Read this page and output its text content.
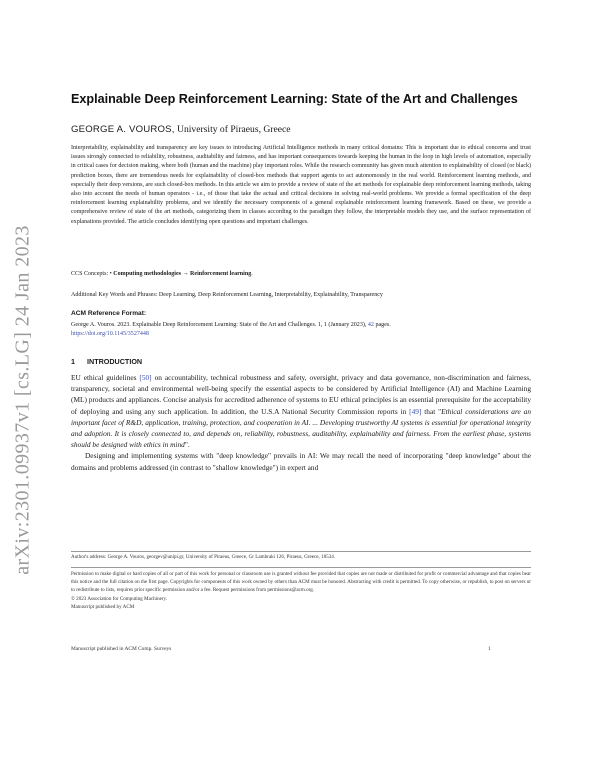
arXiv:2301.09937v1 [cs.LG] 24 Jan 2023
Explainable Deep Reinforcement Learning: State of the Art and Challenges
GEORGE A. VOUROS, University of Piraeus, Greece
Interpretability, explainability and transparency are key issues to introducing Artificial Intelligence methods in many critical domains: This is important due to ethical concerns and trust issues strongly connected to reliability, robustness, auditability and fairness, and has important consequences towards keeping the human in the loop in high levels of automation, especially in critical cases for decision making, where both (human and the machine) play important roles. While the research community has given much attention to explainability of closed (or black) prediction boxes, there are tremendous needs for explainability of closed-box methods that support agents to act autonomously in the real world. Reinforcement learning methods, and especially their deep versions, are such closed-box methods. In this article we aim to provide a review of state of the art methods for explainable deep reinforcement learning methods, taking also into account the needs of human operators - i.e., of those that take the actual and critical decisions in solving real-world problems. We provide a formal specification of the deep reinforcement learning explainability problems, and we identify the necessary components of a general explainable reinforcement learning framework. Based on these, we provide a comprehensive review of state of the art methods, categorizing them in classes according to the paradigm they follow, the interpretable models they use, and the surface representation of explanations provided. The article concludes identifying open questions and important challenges.
CCS Concepts: • Computing methodologies → Reinforcement learning.
Additional Key Words and Phrases: Deep Learning, Deep Reinforcement Learning, Interpretability, Explainability, Transparency
ACM Reference Format:
George A. Vouros. 2023. Explainable Deep Reinforcement Learning: State of the Art and Challenges. 1, 1 (January 2023), 42 pages.
https://doi.org/10.1145/3527448
1 INTRODUCTION

EU ethical guidelines [50] on accountability, technical robustness and safety, oversight, privacy and data governance, non-discrimination and fairness, transparency, societal and environmental well-being specify the essential aspects to be considered by Artificial Intelligence (AI) and Machine Learning (ML) products and appliances. Concise analysis for accredited adherence of systems to EU ethical principles is an essential prerequisite for the acceptability of deploying and using any such application. In addition, the U.S.A National Security Commission reports in [49] that "Ethical considerations are an important facet of R&D, application, training, protection, and cooperation in AI. ... Developing trustworthy AI systems is essential for operational integrity and adoption. It is closely connected to, and depends on, reliability, robustness, auditability, explainability and fairness. From the earliest phase, systems should be designed with ethics in mind".

Designing and implementing systems with "deep knowledge" prevails in AI: We may recall the need of incorporating "deep knowledge" about the domains and problems addressed (in contrast to "shallow knowledge") in expert and

Author's address: George A. Vouros, georgev@unipi.gr, University of Piraeus, Greece, Gr Lambraki 126, Piraeus, Greece, 18534.
Permission to make digital or hard copies of all or part of this work for personal or classroom use is granted without fee provided that copies are not made or distributed for profit or commercial advantage and that copies bear this notice and the full citation on the first page. Copyrights for components of this work owned by others than ACM must be honored. Abstracting with credit is permitted. To copy otherwise, or republish, to post on servers or to redistribute to lists, requires prior specific permission and/or a fee. Request permissions from permissions@acm.org.
© 2023 Association for Computing Machinery.
Manuscript published by ACM
Manuscript published in ACM Comp. Surveys	1
